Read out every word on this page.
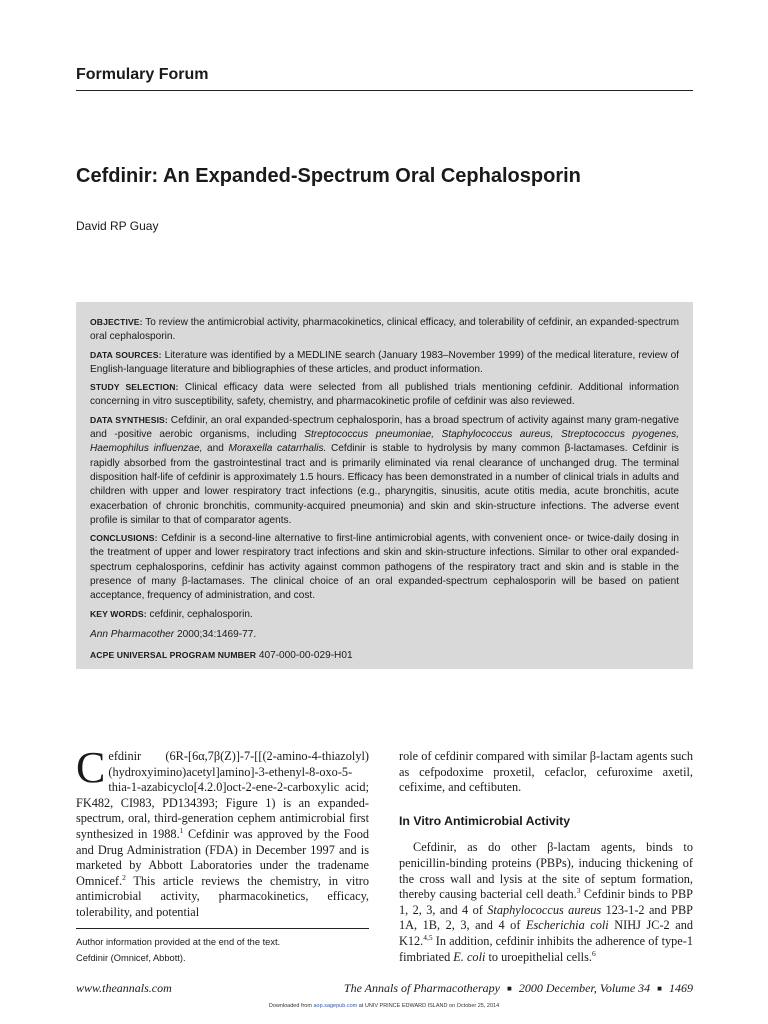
Formulary Forum
Cefdinir: An Expanded-Spectrum Oral Cephalosporin
David RP Guay

OBJECTIVE: To review the antimicrobial activity, pharmacokinetics, clinical efficacy, and tolerability of cefdinir, an expanded-spectrum oral cephalosporin.

DATA SOURCES: Literature was identified by a MEDLINE search (January 1983–November 1999) of the medical literature, review of English-language literature and bibliographies of these articles, and product information.

STUDY SELECTION: Clinical efficacy data were selected from all published trials mentioning cefdinir. Additional information concerning in vitro susceptibility, safety, chemistry, and pharmacokinetic profile of cefdinir was also reviewed.

DATA SYNTHESIS: Cefdinir, an oral expanded-spectrum cephalosporin, has a broad spectrum of activity against many gram-negative and -positive aerobic organisms, including Streptococcus pneumoniae, Staphylococcus aureus, Streptococcus pyogenes, Haemophilus influenzae, and Moraxella catarrhalis. Cefdinir is stable to hydrolysis by many common β-lactamases. Cefdinir is rapidly absorbed from the gastrointestinal tract and is primarily eliminated via renal clearance of unchanged drug. The terminal disposition half-life of cefdinir is approximately 1.5 hours. Efficacy has been demonstrated in a number of clinical trials in adults and children with upper and lower respiratory tract infections (e.g., pharyngitis, sinusitis, acute otitis media, acute bronchitis, acute exacerbation of chronic bronchitis, community-acquired pneumonia) and skin and skin-structure infections. The adverse event profile is similar to that of comparator agents.

CONCLUSIONS: Cefdinir is a second-line alternative to first-line antimicrobial agents, with convenient once- or twice-daily dosing in the treatment of upper and lower respiratory tract infections and skin and skin-structure infections. Similar to other oral expanded-spectrum cephalosporins, cefdinir has activity against common pathogens of the respiratory tract and skin and is stable in the presence of many β-lactamases. The clinical choice of an oral expanded-spectrum cephalosporin will be based on patient acceptance, frequency of administration, and cost.

KEY WORDS: cefdinir, cephalosporin.

Ann Pharmacother 2000;34:1469-77.

ACPE UNIVERSAL PROGRAM NUMBER 407-000-00-029-H01

Cefdinir (6R-[6α,7β(Z)]-7-[[(2-amino-4-thiazolyl)(hydroxyimino)acetyl]amino]-3-ethenyl-8-oxo-5-thia-1-azabicyclo[4.2.0]oct-2-ene-2-carboxylic acid; FK482, CI983, PD134393; Figure 1) is an expanded-spectrum, oral, third-generation cephem antimicrobial first synthesized in 1988.$^1$ Cefdinir was approved by the Food and Drug Administration (FDA) in December 1997 and is marketed by Abbott Laboratories under the tradename Omnicef.$^2$ This article reviews the chemistry, in vitro antimicrobial activity, pharmacokinetics, efficacy, tolerability, and potential

role of cefdinir compared with similar β-lactam agents such as cefpodoxime proxetil, cefaclor, cefuroxime axetil, cefixime, and ceftibuten.

In Vitro Antimicrobial Activity

Cefdinir, as do other β-lactam agents, binds to penicillin-binding proteins (PBPs), inducing thickening of the cross wall and lysis at the site of septum formation, thereby causing bacterial cell death.$^3$ Cefdinir binds to PBP 1, 2, 3, and 4 of Staphylococcus aureus 123-1-2 and PBP 1A, 1B, 2, 3, and 4 of Escherichia coli NIHJ JC-2 and K12.$^{4,5}$ In addition, cefdinir inhibits the adherence of type-1 fimbriated E. coli to uroepithelial cells.$^6$

Author information provided at the end of the text.
Cefdinir (Omnicef, Abbott).
www.theannals.com	The Annals of Pharmacotherapy ■ 2000 December, Volume 34 ■ 1469
Downloaded from aop.sagepub.com at UNIV PRINCE EDWARD ISLAND on October 25, 2014
